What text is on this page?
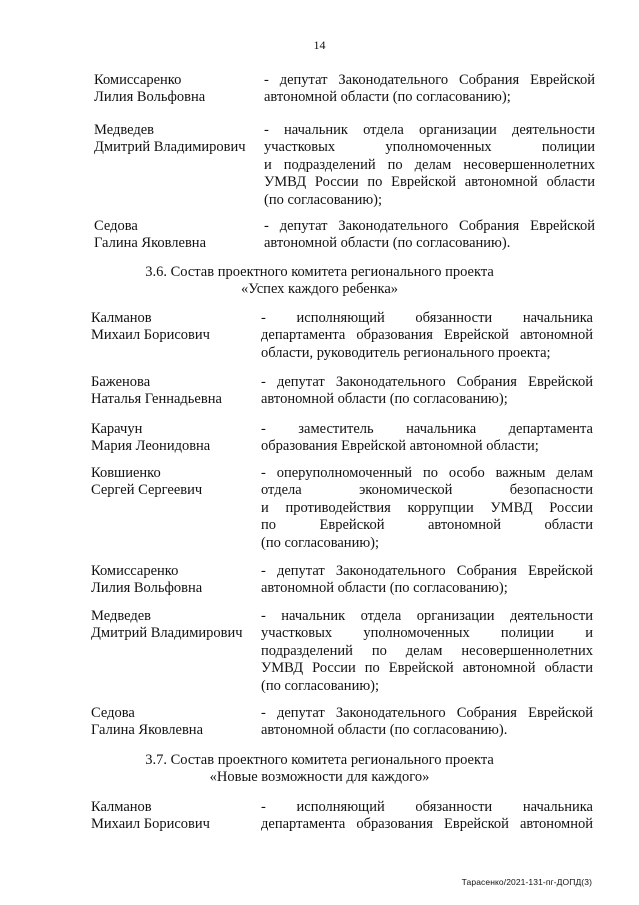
14
Комиссаренко
Лилия Вольфовна
- депутат Законодательного Собрания Еврейской
автономной области (по согласованию);
Медведев
Дмитрий Владимирович
- начальник отдела организации деятельности
участковых уполномоченных полиции
и подразделений по делам несовершеннолетних
УМВД России по Еврейской автономной области
(по согласованию);
Седова
Галина Яковлевна
- депутат Законодательного Собрания Еврейской
автономной области (по согласованию).
3.6. Состав проектного комитета регионального проекта
«Успех каждого ребенка»
Калманов
Михаил Борисович
- исполняющий обязанности начальника
департамента образования Еврейской автономной
области, руководитель регионального проекта;
Баженова
Наталья Геннадьевна
- депутат Законодательного Собрания Еврейской
автономной области (по согласованию);
Карачун
Мария Леонидовна
- заместитель начальника департамента
образования Еврейской автономной области;
Ковшиенко
Сергей Сергеевич
- оперуполномоченный по особо важным делам
отдела экономической безопасности
и противодействия коррупции УМВД России
по Еврейской автономной области
(по согласованию);
Комиссаренко
Лилия Вольфовна
- депутат Законодательного Собрания Еврейской
автономной области (по согласованию);
Медведев
Дмитрий Владимирович
- начальник отдела организации деятельности
участковых уполномоченных полиции и
подразделений по делам несовершеннолетних
УМВД России по Еврейской автономной области
(по согласованию);
Седова
Галина Яковлевна
- депутат Законодательного Собрания Еврейской
автономной области (по согласованию).
3.7. Состав проектного комитета регионального проекта
«Новые возможности для каждого»
Калманов
Михаил Борисович
- исполняющий обязанности начальника
департамента образования Еврейской автономной
Тарасенко/2021-131-пг-ДОПД(3)
